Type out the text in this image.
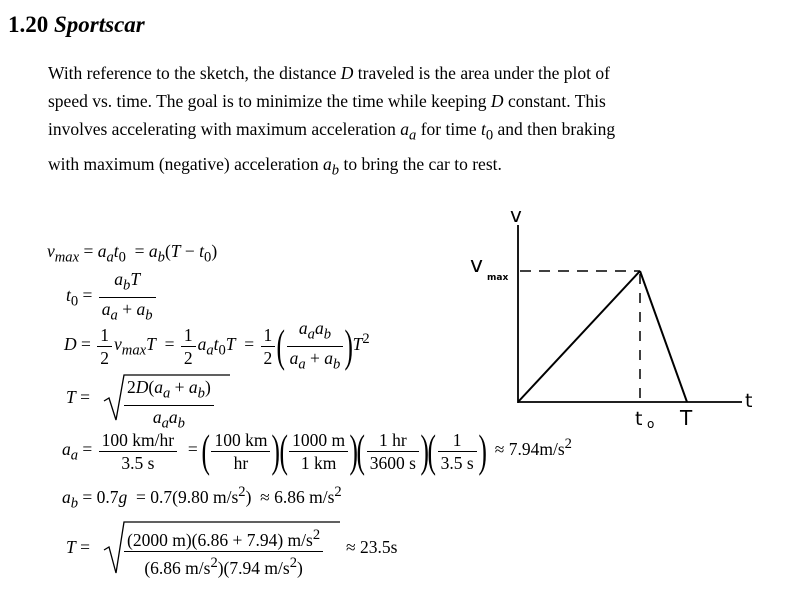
1.20 Sportscar

With reference to the sketch, the distance D traveled is the area under the plot of

speed vs. time. The goal is to minimize the time while keeping D constant. This

involves accelerating with maximum acceleration $a_a$ for time $t_0$ and then braking

with maximum (negative) acceleration $a_b$ to bring the car to rest.

$v_{max} = a_at_0 = a_b(T - t_0)$
$t_0 = \frac{a_bT}{a_a + a_b}$
$D = \frac{1}{2} v_{max}T = \frac{1}{2} a_at_0T = \frac{1}{2}$ ( $\frac{a_aa_b}{a_a + a_b} )T^2$
$T = \frac{2D(a_a + a_b)}{a_aa_b}$
$a_a = \frac{100 km/hr}{3.5 s}$ = ( $\frac{100 km}{hr}$ )( $\frac{1000 m}{1 km}$ )( $\frac{1 hr}{3600 s}$ )( $\frac{1}{3.5 s}$ )  ≈ $7.94m/s^2$
$a_b = 0.7g = 0.7(9.80$ $m/s^2) \approx 6.86$ $m/s^2$
$T = \frac{(2000 m)(6.86 + 7.94) m/s^2}{(6.86 m/s^2)(7.94 m/s^2)} \approx 23.5s$
v
v max
t
t o T
